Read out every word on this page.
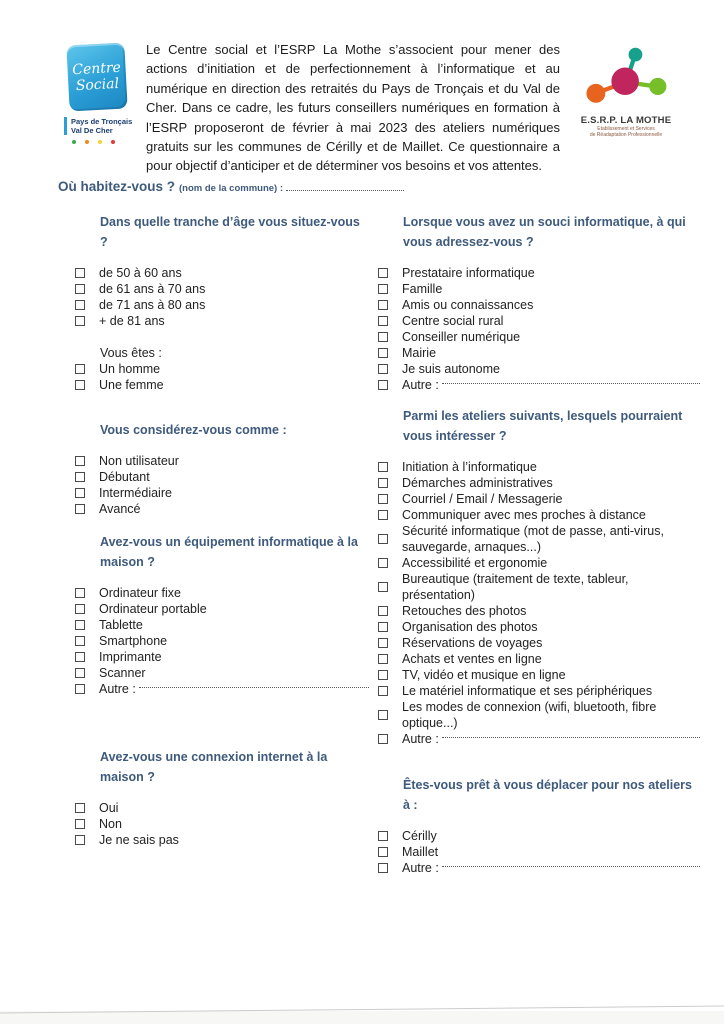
Centre
Social
Pays de Tronçais
Val De Cher

Le Centre social et l’ESRP La Mothe s’associent pour mener des actions d’initiation et de perfectionnement à l’informatique et au numérique en direction des retraités du Pays de Tronçais et du Val de Cher. Dans ce cadre, les futurs conseillers numériques en formation à l’ESRP proposeront de février à mai 2023 des ateliers numériques gratuits sur les communes de Cérilly et de Maillet. Ce questionnaire a pour objectif d’anticiper et de déterminer vos besoins et vos attentes.

E.S.R.P. LA MOTHE
Etablissement et Services
de Réadaptation Professionnelle
Où habitez-vous ? (nom de la commune) :
Dans quelle tranche d’âge vous situez-vous ?
de 50 à 60 ans
de 61 ans à 70 ans
de 71 ans à 80 ans
+ de 81 ans
Vous êtes :
Un homme
Une femme
Vous considérez-vous comme :
Non utilisateur
Débutant
Intermédiaire
Avancé
Avez-vous un équipement informatique à la maison ?
Ordinateur fixe
Ordinateur portable
Tablette
Smartphone
Imprimante
Scanner
Autre :
Avez-vous une connexion internet à la maison ?
Oui
Non
Je ne sais pas
Lorsque vous avez un souci informatique, à qui vous adressez-vous ?
Prestataire informatique
Famille
Amis ou connaissances
Centre social rural
Conseiller numérique
Mairie
Je suis autonome
Autre :
Parmi les ateliers suivants, lesquels pourraient vous intéresser ?
Initiation à l’informatique
Démarches administratives
Courriel / Email / Messagerie
Communiquer avec mes proches à distance
Sécurité informatique (mot de passe, anti-virus, sauvegarde, arnaques...)
Accessibilité et ergonomie
Bureautique (traitement de texte, tableur, présentation)
Retouches des photos
Organisation des photos
Réservations de voyages
Achats et ventes en ligne
TV, vidéo et musique en ligne
Le matériel informatique et ses périphériques
Les modes de connexion (wifi, bluetooth, fibre optique...)
Autre :
Êtes-vous prêt à vous déplacer pour nos ateliers à :
Cérilly
Maillet
Autre :
